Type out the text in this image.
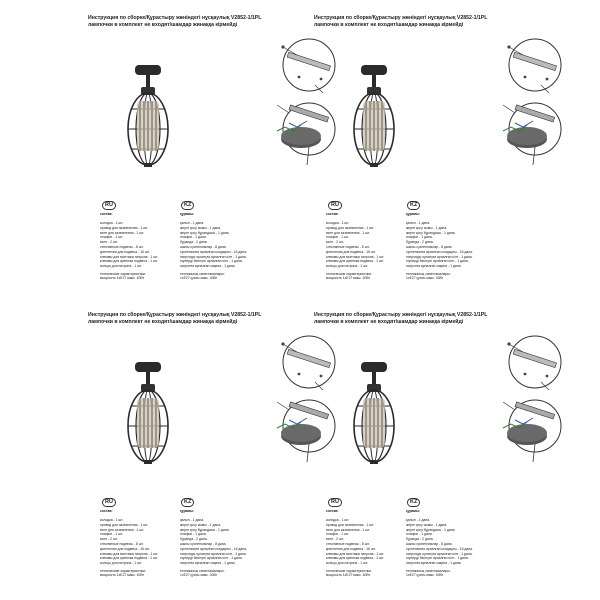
Инструкция по сборке/Құрастыру жөніндегі нұсқаулық V2852-1/1PL
лампочки в комплект не входят/шамдар жинаққа кірмейді
RU	KZ
состав:
колодка - 1 шт.
провод для заземления - 1 шт.
винт для заземления - 1 шт.
плафон - 1 шт.
винт - 2 шт.
стеклянные подвесы - 8 шт.
крепления для подвеса - 16 шт.
клеммы для монтажа патрона - 1 шт.
клеммы для крепежа подвеса - 1 шт.
кольцо для патрона - 1 шт.
технические характеристики:
мощность 1хE27 макс. 40Вт
құрамы:
қалып - 1 дана.
жерге қосу сымы - 1 дана.
жерге қосу бұрандасы - 1 дана.
плафон - 1 дана.
бұранда - 2 дана.
шыны суспензиялар - 8 дана.
суспензияға арналған кондырғы - 16 дана.
патронды орнатуға арналған кілт - 1 дана.
ілулерді бекітуге арналған кілт - 1 дана.
патронға арналған сақина - 1 дана.
техникалық сипаттамалары:
1хЕ27 қуаты макс. 40Вт
Инструкция по сборке/Құрастыру жөніндегі нұсқаулық V2852-1/1PL
лампочки в комплект не входят/шамдар жинаққа кірмейді
RU	KZ
состав:
колодка - 1 шт.
провод для заземления - 1 шт.
винт для заземления - 1 шт.
плафон - 1 шт.
винт - 2 шт.
стеклянные подвесы - 8 шт.
крепления для подвеса - 16 шт.
клеммы для монтажа патрона - 1 шт.
клеммы для крепежа подвеса - 1 шт.
кольцо для патрона - 1 шт.
технические характеристики:
мощность 1хE27 макс. 40Вт
құрамы:
қалып - 1 дана.
жерге қосу сымы - 1 дана.
жерге қосу бұрандасы - 1 дана.
плафон - 1 дана.
бұранда - 2 дана.
шыны суспензиялар - 8 дана.
суспензияға арналған кондырғы - 16 дана.
патронды орнатуға арналған кілт - 1 дана.
ілулерді бекітуге арналған кілт - 1 дана.
патронға арналған сақина - 1 дана.
техникалық сипаттамалары:
1хЕ27 қуаты макс. 40Вт
Инструкция по сборке/Құрастыру жөніндегі нұсқаулық V2852-1/1PL
лампочки в комплект не входят/шамдар жинаққа кірмейді
RU	KZ
состав:
колодка - 1 шт.
провод для заземления - 1 шт.
винт для заземления - 1 шт.
плафон - 1 шт.
винт - 2 шт.
стеклянные подвесы - 8 шт.
крепления для подвеса - 16 шт.
клеммы для монтажа патрона - 1 шт.
клеммы для крепежа подвеса - 1 шт.
кольцо для патрона - 1 шт.
технические характеристики:
мощность 1хE27 макс. 40Вт
құрамы:
қалып - 1 дана.
жерге қосу сымы - 1 дана.
жерге қосу бұрандасы - 1 дана.
плафон - 1 дана.
бұранда - 2 дана.
шыны суспензиялар - 8 дана.
суспензияға арналған кондырғы - 16 дана.
патронды орнатуға арналған кілт - 1 дана.
ілулерді бекітуге арналған кілт - 1 дана.
патронға арналған сақина - 1 дана.
техникалық сипаттамалары:
1хЕ27 қуаты макс. 40Вт
Инструкция по сборке/Құрастыру жөніндегі нұсқаулық V2852-1/1PL
лампочки в комплект не входят/шамдар жинаққа кірмейді
RU	KZ
состав:
колодка - 1 шт.
провод для заземления - 1 шт.
винт для заземления - 1 шт.
плафон - 1 шт.
винт - 2 шт.
стеклянные подвесы - 8 шт.
крепления для подвеса - 16 шт.
клеммы для монтажа патрона - 1 шт.
клеммы для крепежа подвеса - 1 шт.
кольцо для патрона - 1 шт.
технические характеристики:
мощность 1хE27 макс. 40Вт
құрамы:
қалып - 1 дана.
жерге қосу сымы - 1 дана.
жерге қосу бұрандасы - 1 дана.
плафон - 1 дана.
бұранда - 2 дана.
шыны суспензиялар - 8 дана.
суспензияға арналған кондырғы - 16 дана.
патронды орнатуға арналған кілт - 1 дана.
ілулерді бекітуге арналған кілт - 1 дана.
патронға арналған сақина - 1 дана.
техникалық сипаттамалары:
1хЕ27 қуаты макс. 40Вт
